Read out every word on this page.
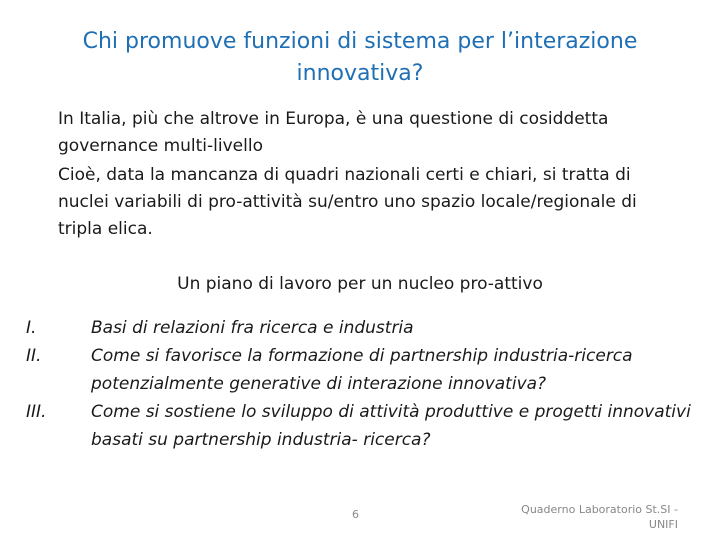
Chi promuove funzioni di sistema per l’interazione
innovativa?

In Italia, più che altrove in Europa, è una questione di cosiddetta governance multi-livello

Cioè, data la mancanza di quadri nazionali certi e chiari, si tratta di nuclei variabili di pro-attività su/entro uno spazio locale/regionale di tripla elica.

Un piano di lavoro per un nucleo pro-attivo
I.	Basi di relazioni fra ricerca e industria
II.	Come si favorisce la formazione di partnership industria-ricerca potenzialmente generative di interazione innovativa?
III.	Come si sostiene lo sviluppo di attività produttive e progetti innovativi basati su partnership industria- ricerca?
6	Quaderno Laboratorio St.SI -
UNIFI
